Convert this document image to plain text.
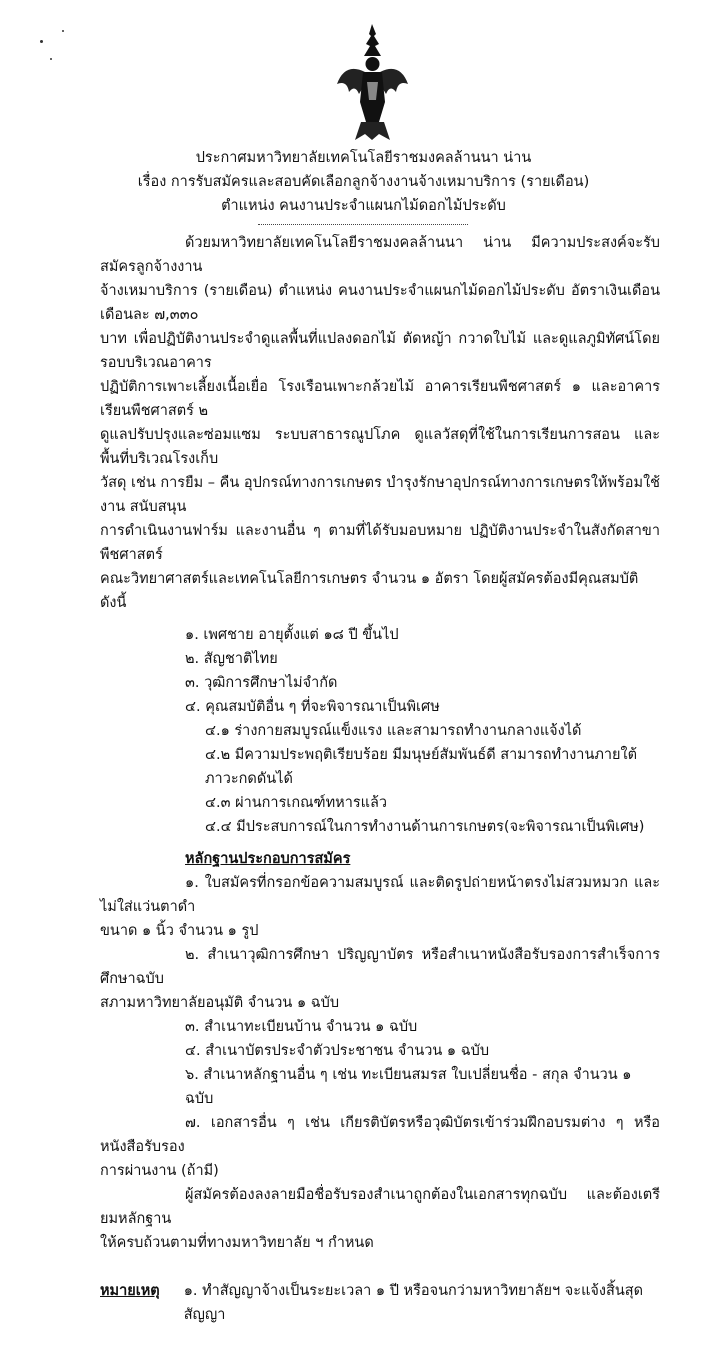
ประกาศมหาวิทยาลัยเทคโนโลยีราชมงคลล้านนา น่าน
เรื่อง การรับสมัครและสอบคัดเลือกลูกจ้างงานจ้างเหมาบริการ (รายเดือน)
ตำแหน่ง คนงานประจำแผนกไม้ดอกไม้ประดับ
ด้วยมหาวิทยาลัยเทคโนโลยีราชมงคลล้านนา น่าน มีความประสงค์จะรับสมัครลูกจ้างงาน
จ้างเหมาบริการ (รายเดือน) ตำแหน่ง คนงานประจำแผนกไม้ดอกไม้ประดับ อัตราเงินเดือน เดือนละ ๗,๓๓๐
บาท เพื่อปฏิบัติงานประจำดูแลพื้นที่แปลงดอกไม้ ตัดหญ้า กวาดใบไม้ และดูแลภูมิทัศน์โดยรอบบริเวณอาคาร
ปฏิบัติการเพาะเลี้ยงเนื้อเยื่อ โรงเรือนเพาะกล้วยไม้ อาคารเรียนพืชศาสตร์ ๑ และอาคารเรียนพืชศาสตร์ ๒
ดูแลปรับปรุงและซ่อมแซม ระบบสาธารณูปโภค ดูแลวัสดุที่ใช้ในการเรียนการสอน และพื้นที่บริเวณโรงเก็บ
วัสดุ เช่น การยืม – คืน อุปกรณ์ทางการเกษตร บำรุงรักษาอุปกรณ์ทางการเกษตรให้พร้อมใช้งาน สนับสนุน
การดำเนินงานฟาร์ม และงานอื่น ๆ ตามที่ได้รับมอบหมาย ปฏิบัติงานประจำในสังกัดสาขาพืชศาสตร์
คณะวิทยาศาสตร์และเทคโนโลยีการเกษตร จำนวน ๑ อัตรา โดยผู้สมัครต้องมีคุณสมบัติ ดังนี้
๑. เพศชาย อายุตั้งแต่ ๑๘ ปี ขึ้นไป
๒. สัญชาติไทย
๓. วุฒิการศึกษาไม่จำกัด
๔. คุณสมบัติอื่น ๆ ที่จะพิจารณาเป็นพิเศษ
๔.๑ ร่างกายสมบูรณ์แข็งแรง และสามารถทำงานกลางแจ้งได้
๔.๒ มีความประพฤติเรียบร้อย มีมนุษย์สัมพันธ์ดี สามารถทำงานภายใต้ภาวะกดดันได้
๔.๓ ผ่านการเกณฑ์ทหารแล้ว
๔.๔ มีประสบการณ์ในการทำงานด้านการเกษตร(จะพิจารณาเป็นพิเศษ)
หลักฐานประกอบการสมัคร
๑. ใบสมัครที่กรอกข้อความสมบูรณ์ และติดรูปถ่ายหน้าตรงไม่สวมหมวก และไม่ใส่แว่นตาดำ
ขนาด ๑ นิ้ว จำนวน ๑ รูป
๒. สำเนาวุฒิการศึกษา ปริญญาบัตร หรือสำเนาหนังสือรับรองการสำเร็จการศึกษาฉบับ
สภามหาวิทยาลัยอนุมัติ จำนวน ๑ ฉบับ
๓. สำเนาทะเบียนบ้าน จำนวน ๑ ฉบับ
๔. สำเนาบัตรประจำตัวประชาชน จำนวน ๑ ฉบับ
๖. สำเนาหลักฐานอื่น ๆ เช่น ทะเบียนสมรส ใบเปลี่ยนชื่อ - สกุล จำนวน ๑ ฉบับ
๗. เอกสารอื่น ๆ เช่น เกียรติบัตรหรือวุฒิบัตรเข้าร่วมฝึกอบรมต่าง ๆ หรือ หนังสือรับรอง
การผ่านงาน (ถ้ามี)
ผู้สมัครต้องลงลายมือชื่อรับรองสำเนาถูกต้องในเอกสารทุกฉบับ และต้องเตรียมหลักฐาน
ให้ครบถ้วนตามที่ทางมหาวิทยาลัย ฯ กำหนด
หมายเหตุ ๑. ทำสัญญาจ้างเป็นระยะเวลา ๑ ปี หรือจนกว่ามหาวิทยาลัยฯ จะแจ้งสิ้นสุดสัญญา
